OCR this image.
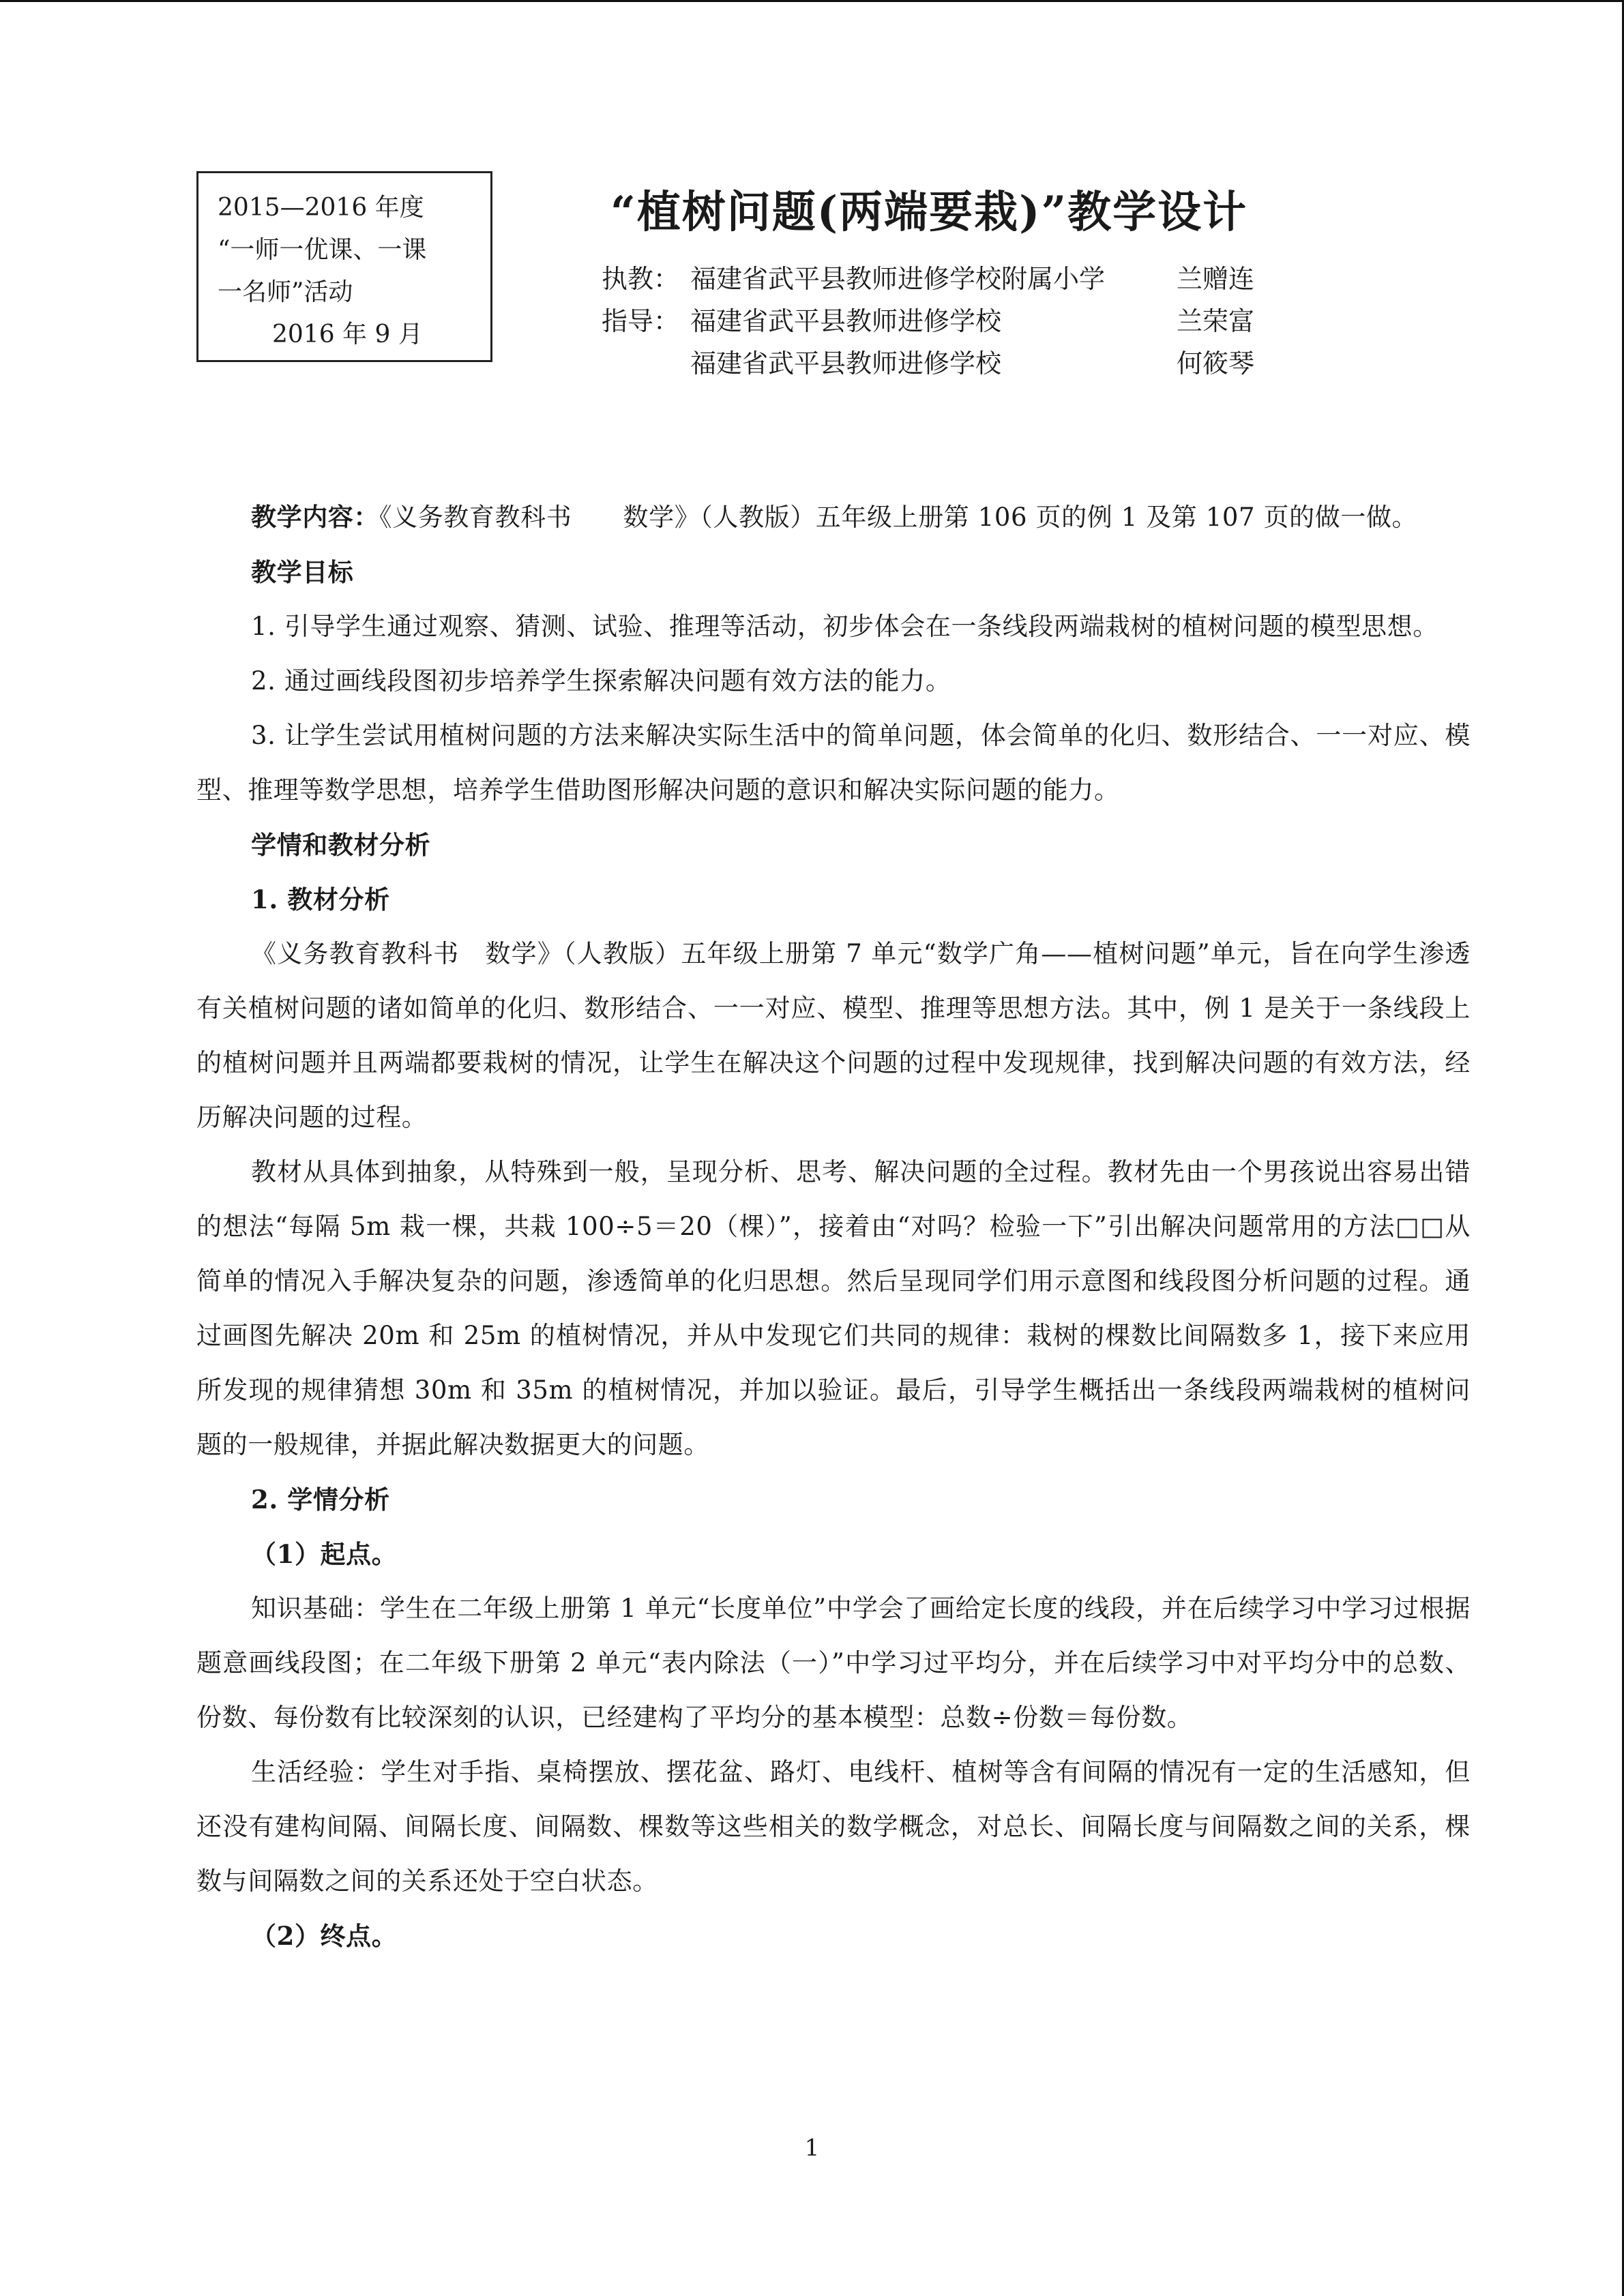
2015—2016 年度
“一师一优课、一课
一名师”活动
2016 年 9 月
“植树问题(两端要栽)”教学设计
执教： 福建省武平县教师进修学校附属小学	兰赠连
指导： 福建省武平县教师进修学校	兰荣富
福建省武平县教师进修学校	何筱琴
教学内容：《义务教育教科书　　数学》（人教版）五年级上册第 106 页的例 1 及第 107 页的做一做。
教学目标
1. 引导学生通过观察、猜测、试验、推理等活动，初步体会在一条线段两端栽树的植树问题的模型思想。
2. 通过画线段图初步培养学生探索解决问题有效方法的能力。
3. 让学生尝试用植树问题的方法来解决实际生活中的简单问题，体会简单的化归、数形结合、一一对应、模型、推理等数学思想，培养学生借助图形解决问题的意识和解决实际问题的能力。
学情和教材分析
1. 教材分析
《义务教育教科书　数学》（人教版）五年级上册第 7 单元“数学广角——植树问题”单元，旨在向学生渗透有关植树问题的诸如简单的化归、数形结合、一一对应、模型、推理等思想方法。其中，例 1 是关于一条线段上的植树问题并且两端都要栽树的情况，让学生在解决这个问题的过程中发现规律，找到解决问题的有效方法，经历解决问题的过程。
教材从具体到抽象，从特殊到一般，呈现分析、思考、解决问题的全过程。教材先由一个男孩说出容易出错的想法“每隔 5m 栽一棵，共栽 100÷5＝20（棵）”，接着由“对吗？检验一下”引出解决问题常用的方法□□从简单的情况入手解决复杂的问题，渗透简单的化归思想。然后呈现同学们用示意图和线段图分析问题的过程。通过画图先解决 20m 和 25m 的植树情况，并从中发现它们共同的规律：栽树的棵数比间隔数多 1，接下来应用所发现的规律猜想 30m 和 35m 的植树情况，并加以验证。最后，引导学生概括出一条线段两端栽树的植树问题的一般规律，并据此解决数据更大的问题。
2. 学情分析
（1）起点。
知识基础：学生在二年级上册第 1 单元“长度单位”中学会了画给定长度的线段，并在后续学习中学习过根据题意画线段图；在二年级下册第 2 单元“表内除法（一）”中学习过平均分，并在后续学习中对平均分中的总数、份数、每份数有比较深刻的认识，已经建构了平均分的基本模型：总数÷份数＝每份数。
生活经验：学生对手指、桌椅摆放、摆花盆、路灯、电线杆、植树等含有间隔的情况有一定的生活感知，但还没有建构间隔、间隔长度、间隔数、棵数等这些相关的数学概念，对总长、间隔长度与间隔数之间的关系，棵数与间隔数之间的关系还处于空白状态。
（2）终点。
1
